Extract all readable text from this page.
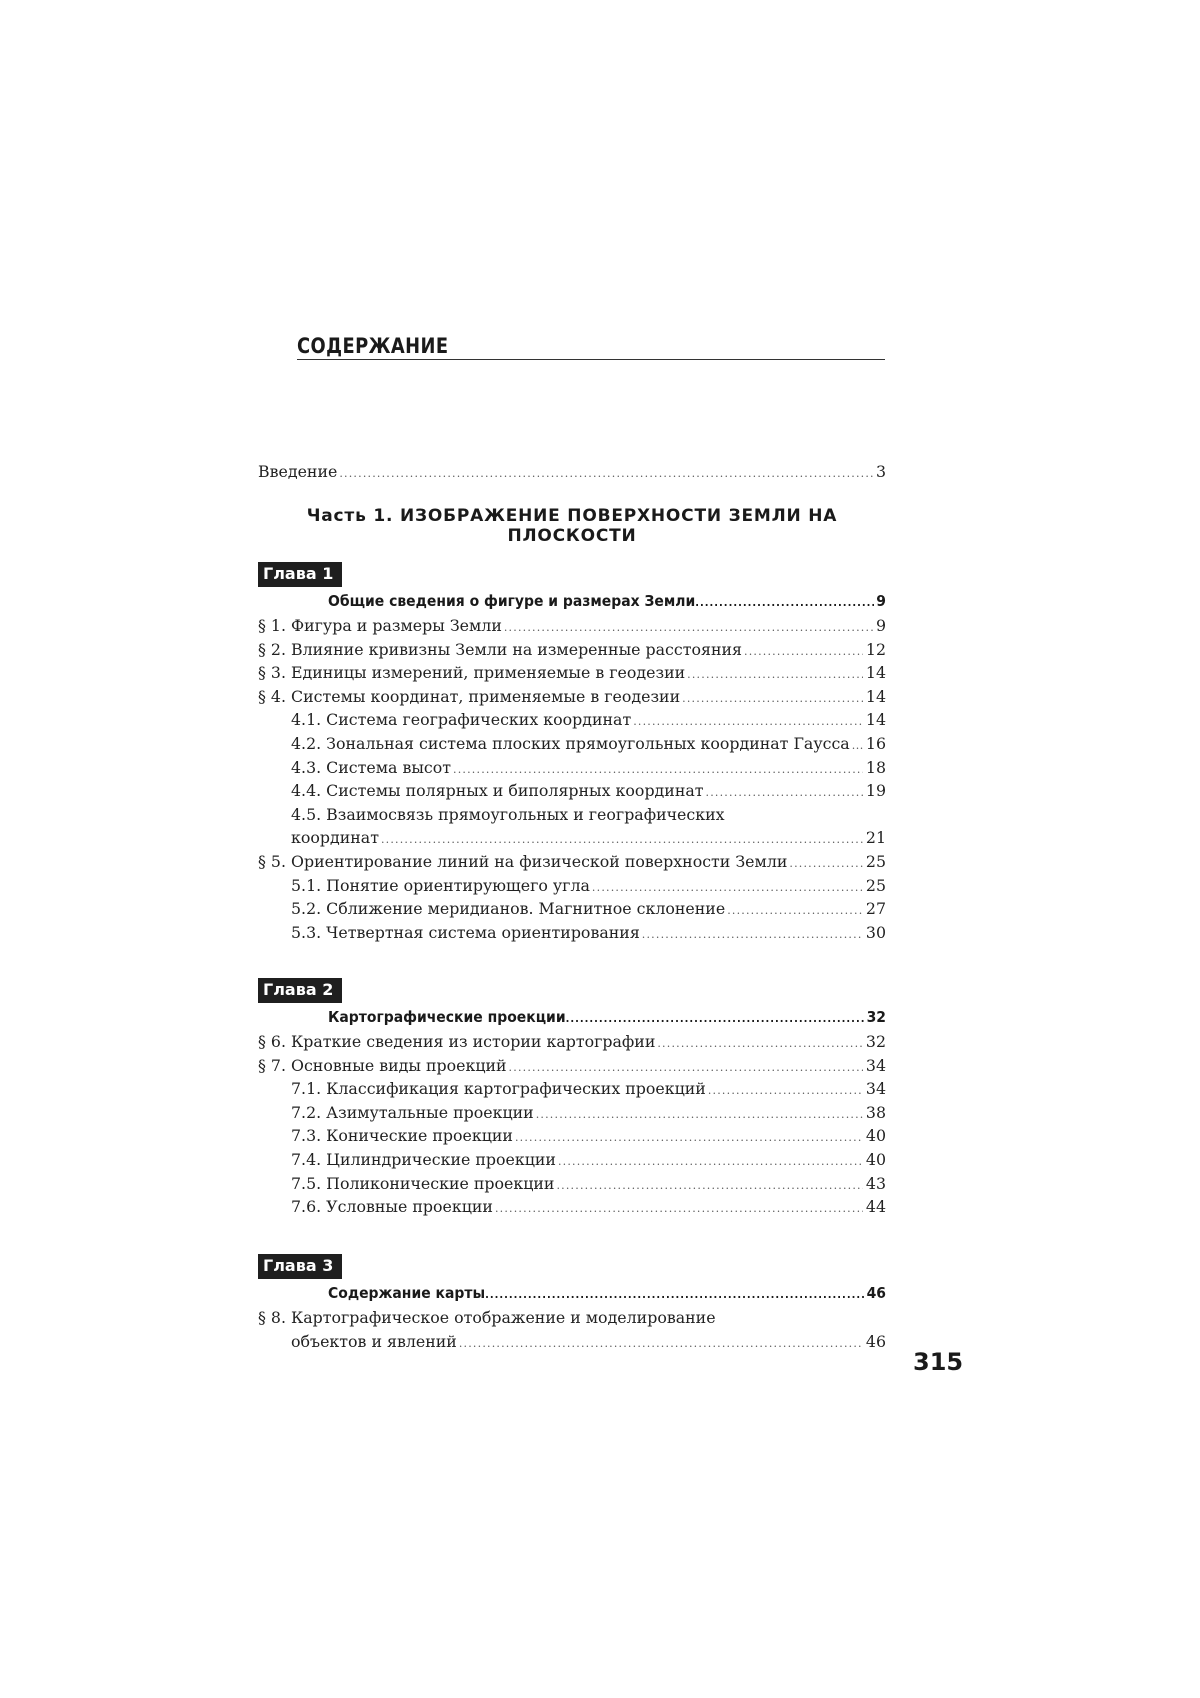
СОДЕРЖАНИЕ
Введение .....	3
Часть 1. ИЗОБРАЖЕНИЕ ПОВЕРХНОСТИ ЗЕМЛИ НА ПЛОСКОСТИ
Глава 1
Общие сведения о фигуре и размерах Земли .....	9
§ 1. Фигура и размеры Земли .....	9
§ 2. Влияние кривизны Земли на измеренные расстояния .....	12
§ 3. Единицы измерений, применяемые в геодезии .....	14
§ 4. Системы координат, применяемые в геодезии .....	14
4.1. Система географических координат .....	14
4.2. Зональная система плоских прямоугольных координат Гаусса ..... 16
4.3. Система высот .....	18
4.4. Системы полярных и биполярных координат .....	19
4.5. Взаимосвязь прямоугольных и географических
координат .....	21
§ 5. Ориентирование линий на физической поверхности Земли .....	25
5.1. Понятие ориентирующего угла .....	25
5.2. Сближение меридианов. Магнитное склонение .....	27
5.3. Четвертная система ориентирования .....	30
Глава 2
Картографические проекции .....	32
§ 6. Краткие сведения из истории картографии .....	32
§ 7. Основные виды проекций .....	34
7.1. Классификация картографических проекций .....	34
7.2. Азимутальные проекции .....	38
7.3. Конические проекции .....	40
7.4. Цилиндрические проекции .....	40
7.5. Поликонические проекции .....	43
7.6. Условные проекции .....	44
Глава 3
Содержание карты .....	46
§ 8. Картографическое отображение и моделирование
объектов и явлений .....	46
315
